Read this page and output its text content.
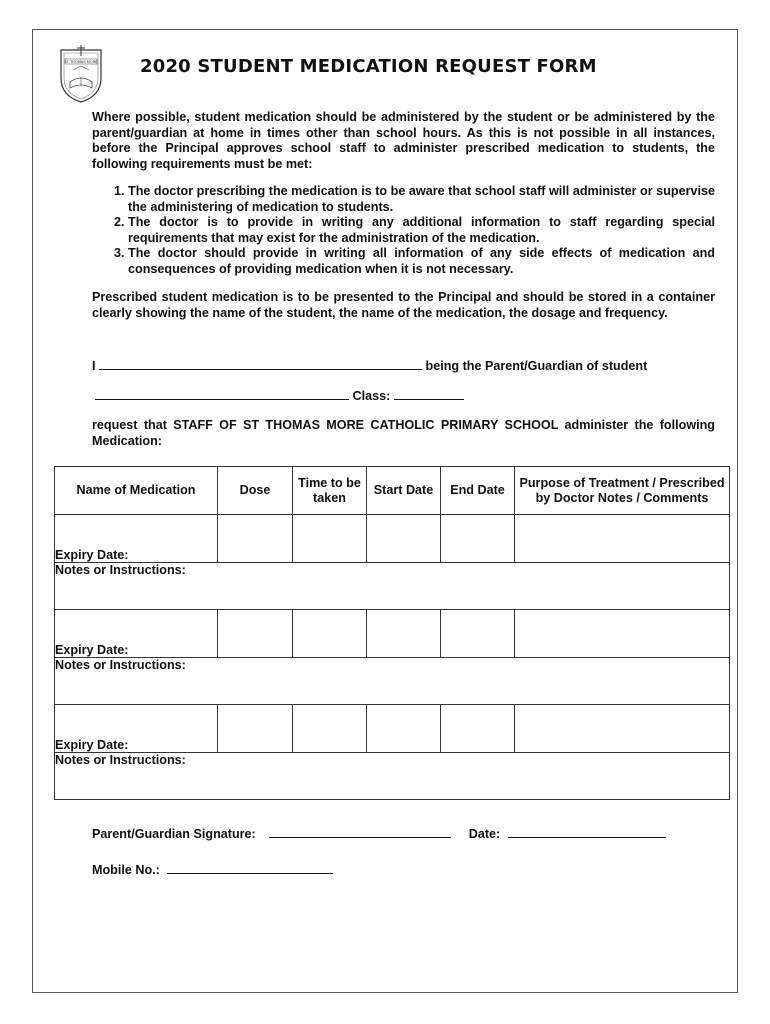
ST THOMAS MORE 2020 STUDENT MEDICATION REQUEST FORM
Where possible, student medication should be administered by the student or be administered by the parent/guardian at home in times other than school hours. As this is not possible in all instances, before the Principal approves school staff to administer prescribed medication to students, the following requirements must be met:
1. The doctor prescribing the medication is to be aware that school staff will administer or supervise the administering of medication to students.
2. The doctor is to provide in writing any additional information to staff regarding special requirements that may exist for the administration of the medication.
3. The doctor should provide in writing all information of any side effects of medication and consequences of providing medication when it is not necessary.
Prescribed student medication is to be presented to the Principal and should be stored in a container clearly showing the name of the student, the name of the medication, the dosage and frequency.
I	being the Parent/Guardian of student
Class:
request that STAFF OF ST THOMAS MORE CATHOLIC PRIMARY SCHOOL administer the following Medication:
Name of Medication	Dose	Time to be taken	Start Date	End Date	Purpose of Treatment / Prescribed by Doctor Notes / Comments
Expiry Date:					
Notes or Instructions:					
Expiry Date:					
Notes or Instructions:					
Expiry Date:					
Notes or Instructions:					
Parent/Guardian Signature:	Date:
Mobile No.:
